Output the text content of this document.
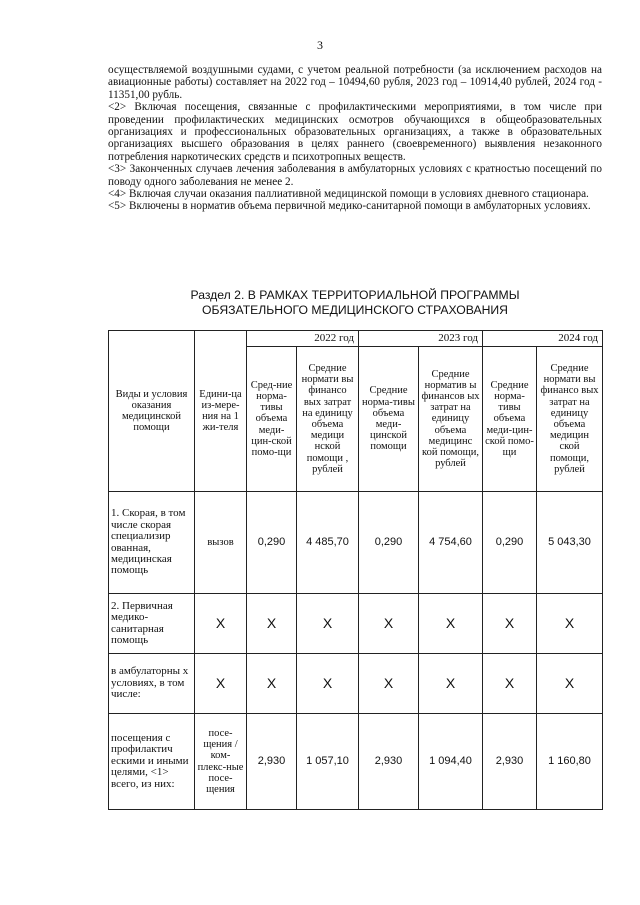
3

осуществляемой воздушными судами, с учетом реальной потребности (за исключением расходов на авиационные работы) составляет на 2022 год – 10494,60 рубля, 2023 год – 10914,40 рублей, 2024 год - 11351,00 рубль.

<2> Включая посещения, связанные с профилактическими мероприятиями, в том числе при проведении профилактических медицинских осмотров обучающихся в общеобразовательных организациях и профессиональных образовательных организациях, а также в образовательных организациях высшего образования в целях раннего (своевременного) выявления незаконного потребления наркотических средств и психотропных веществ.

<3> Законченных случаев лечения заболевания в амбулаторных условиях с кратностью посещений по поводу одного заболевания не менее 2.

<4> Включая случаи оказания паллиативной медицинской помощи в условиях дневного стационара.

<5> Включены в норматив объема первичной медико-санитарной помощи в амбулаторных условиях.

Раздел 2. В РАМКАХ ТЕРРИТОРИАЛЬНОЙ ПРОГРАММЫ
ОБЯЗАТЕЛЬНОГО МЕДИЦИНСКОГО СТРАХОВАНИЯ
Виды и условия оказания медицинской помощи	Едини-ца из-мере-ния на 1 жи-теля	2022 год		2023 год		2024 год	
		Сред-ние норма-тивы объема меди-цин-ской помо-щи	Средние нормати вы финансо вых затрат на единицу объема медици нской помощи , рублей	Средние норма-тивы объема меди-цинской помощи	Средние норматив ы финансов ых затрат на единицу объема медицинс кой помощи, рублей	Средние норма-тивы объема меди-цин-ской помо-щи	Средние нормати вы финансо вых затрат на единицу объема медицин ской помощи, рублей
1. Скорая, в том числе скорая специализир ованная, медицинская помощь	вызов	0,290	4 485,70	0,290	4 754,60	0,290	5 043,30
2. Первичная медико-санитарная помощь	X	X	X	X	X	X	X
в амбулаторны х условиях, в том числе:	X	X	X	X	X	X	X
посещения с профилактич ескими и иными целями, <1> всего, из них:	посе-щения / ком-плекс-ные посе-щения	2,930	1 057,10	2,930	1 094,40	2,930	1 160,80
